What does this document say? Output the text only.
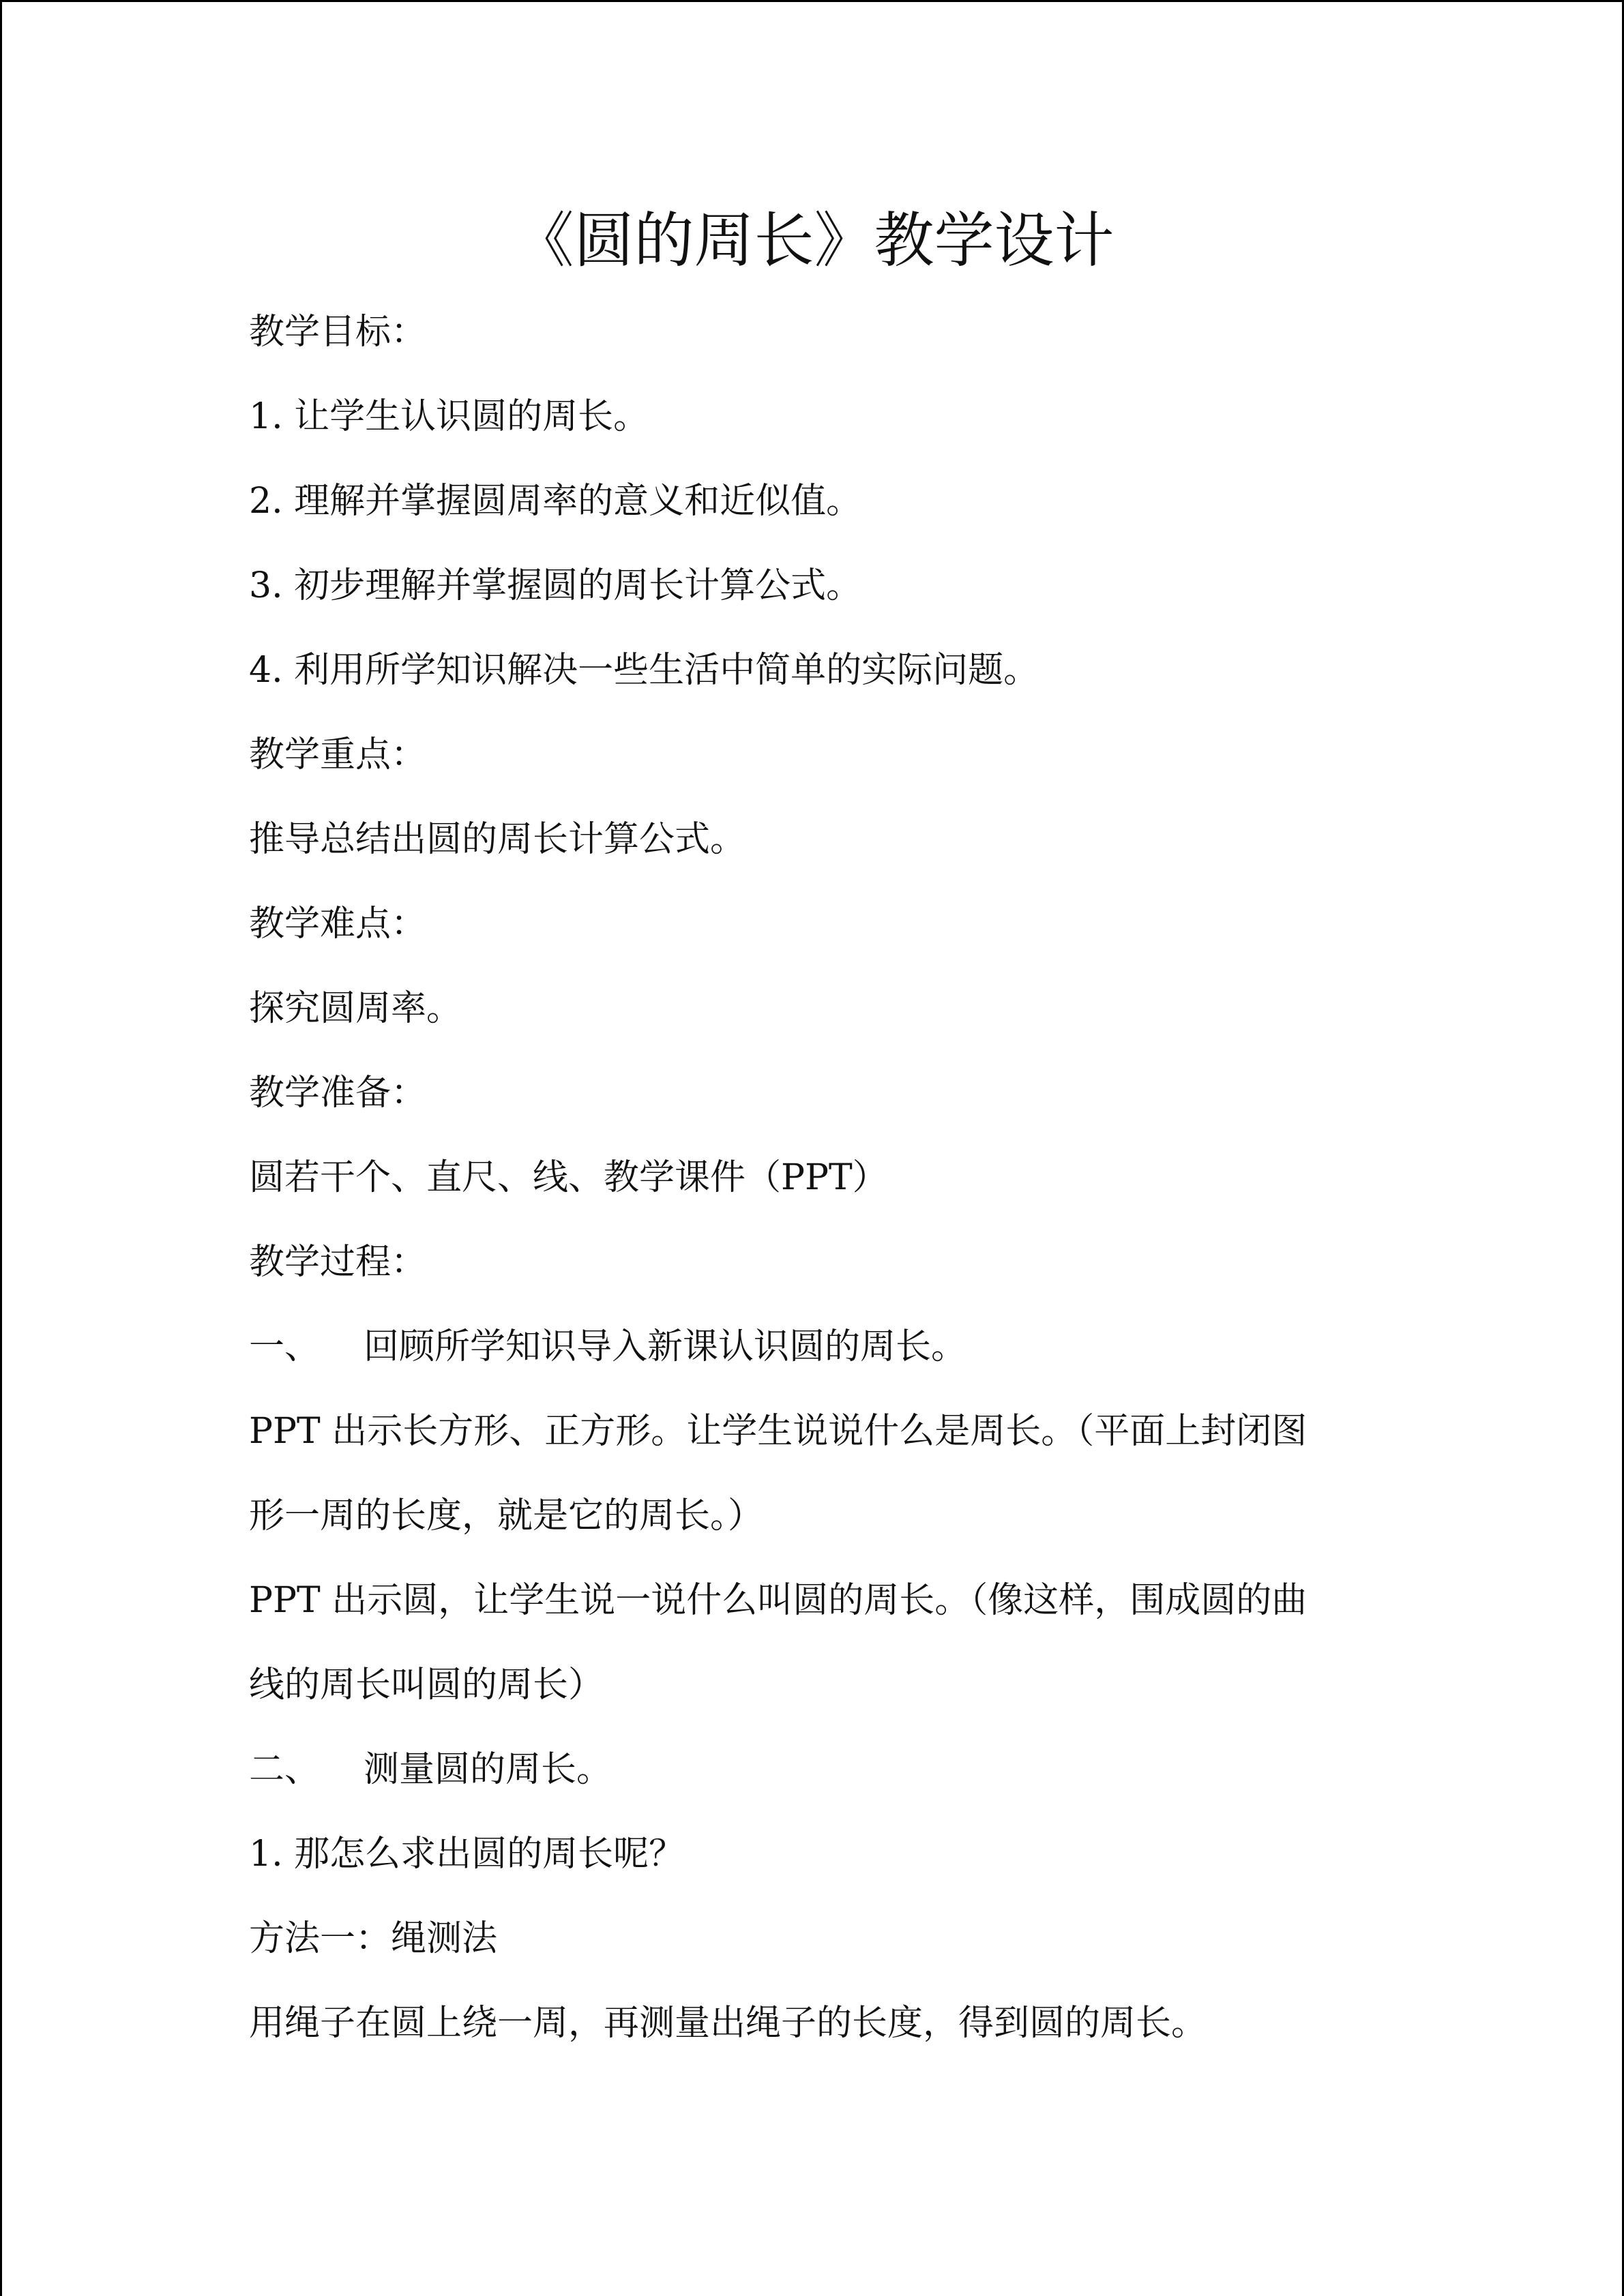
《圆的周长》教学设计
教学目标：
1. 让学生认识圆的周长。
2. 理解并掌握圆周率的意义和近似值。
3. 初步理解并掌握圆的周长计算公式。
4. 利用所学知识解决一些生活中简单的实际问题。
教学重点：
推导总结出圆的周长计算公式。
教学难点：
探究圆周率。
教学准备：
圆若干个、直尺、线、教学课件（PPT）
教学过程：
一、 回顾所学知识导入新课认识圆的周长。
PPT 出示长方形、正方形。让学生说说什么是周长。（平面上封闭图
形一周的长度，就是它的周长。）
PPT 出示圆，让学生说一说什么叫圆的周长。（像这样，围成圆的曲
线的周长叫圆的周长）
二、 测量圆的周长。
1. 那怎么求出圆的周长呢？
方法一：绳测法
用绳子在圆上绕一周，再测量出绳子的长度，得到圆的周长。
